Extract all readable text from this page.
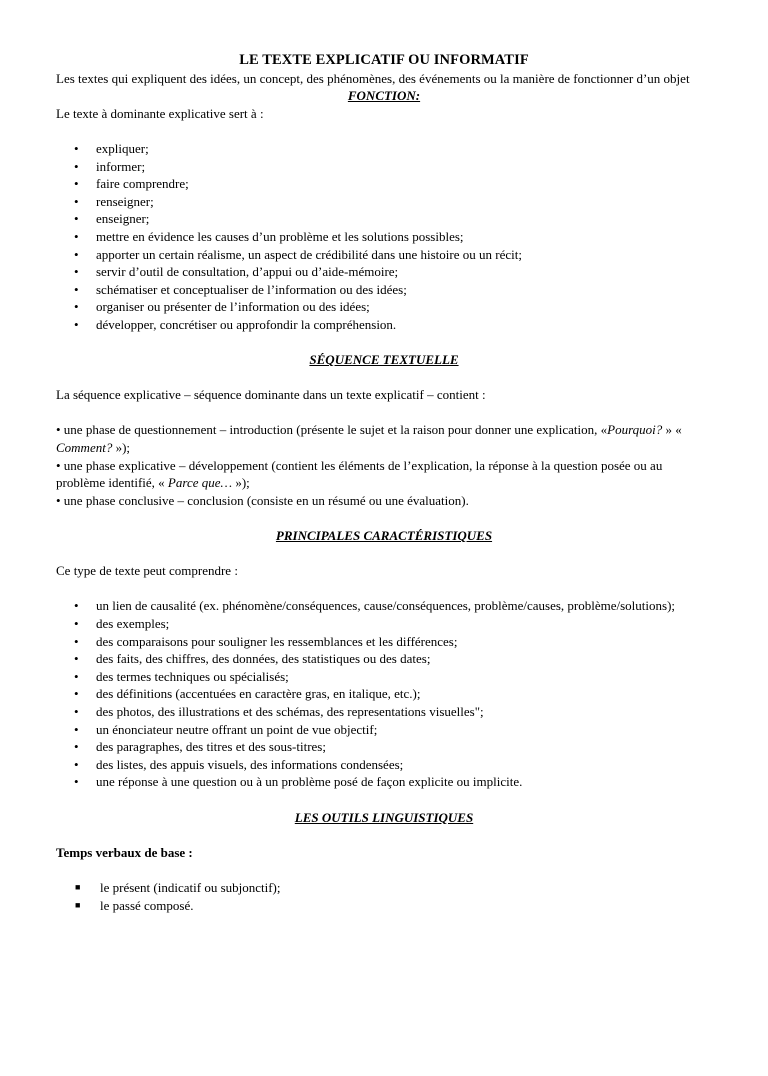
LE TEXTE EXPLICATIF OU INFORMATIF

Les textes qui expliquent des idées, un concept, des phénomènes, des événements ou la manière de fonctionner d’un objet

FONCTION:

Le texte à dominante explicative sert à :

• expliquer;
• informer;
• faire comprendre;
• renseigner;
• enseigner;
• mettre en évidence les causes d’un problème et les solutions possibles;
• apporter un certain réalisme, un aspect de crédibilité dans une histoire ou un récit;
• servir d’outil de consultation, d’appui ou d’aide-mémoire;
• schématiser et conceptualiser de l’information ou des idées;
• organiser ou présenter de l’information ou des idées;
• développer, concrétiser ou approfondir la compréhension.

SÉQUENCE TEXTUELLE

La séquence explicative – séquence dominante dans un texte explicatif – contient :

• une phase de questionnement – introduction (présente le sujet et la raison pour donner une explication, «Pourquoi? » « Comment? »);

• une phase explicative – développement (contient les éléments de l’explication, la réponse à la question posée ou au problème identifié, « Parce que… »);

• une phase conclusive – conclusion (consiste en un résumé ou une évaluation).

PRINCIPALES CARACTÉRISTIQUES

Ce type de texte peut comprendre :

• un lien de causalité (ex. phénomène/conséquences, cause/conséquences, problème/causes, problème/solutions);
• des exemples;
• des comparaisons pour souligner les ressemblances et les différences;
• des faits, des chiffres, des données, des statistiques ou des dates;
• des termes techniques ou spécialisés;
• des définitions (accentuées en caractère gras, en italique, etc.);
• des photos, des illustrations et des schémas, des representations visuelles";
• un énonciateur neutre offrant un point de vue objectif;
• des paragraphes, des titres et des sous-titres;
• des listes, des appuis visuels, des informations condensées;
• une réponse à une question ou à un problème posé de façon explicite ou implicite.

LES OUTILS LINGUISTIQUES

Temps verbaux de base :

■ le présent (indicatif ou subjonctif);
■ le passé composé.
